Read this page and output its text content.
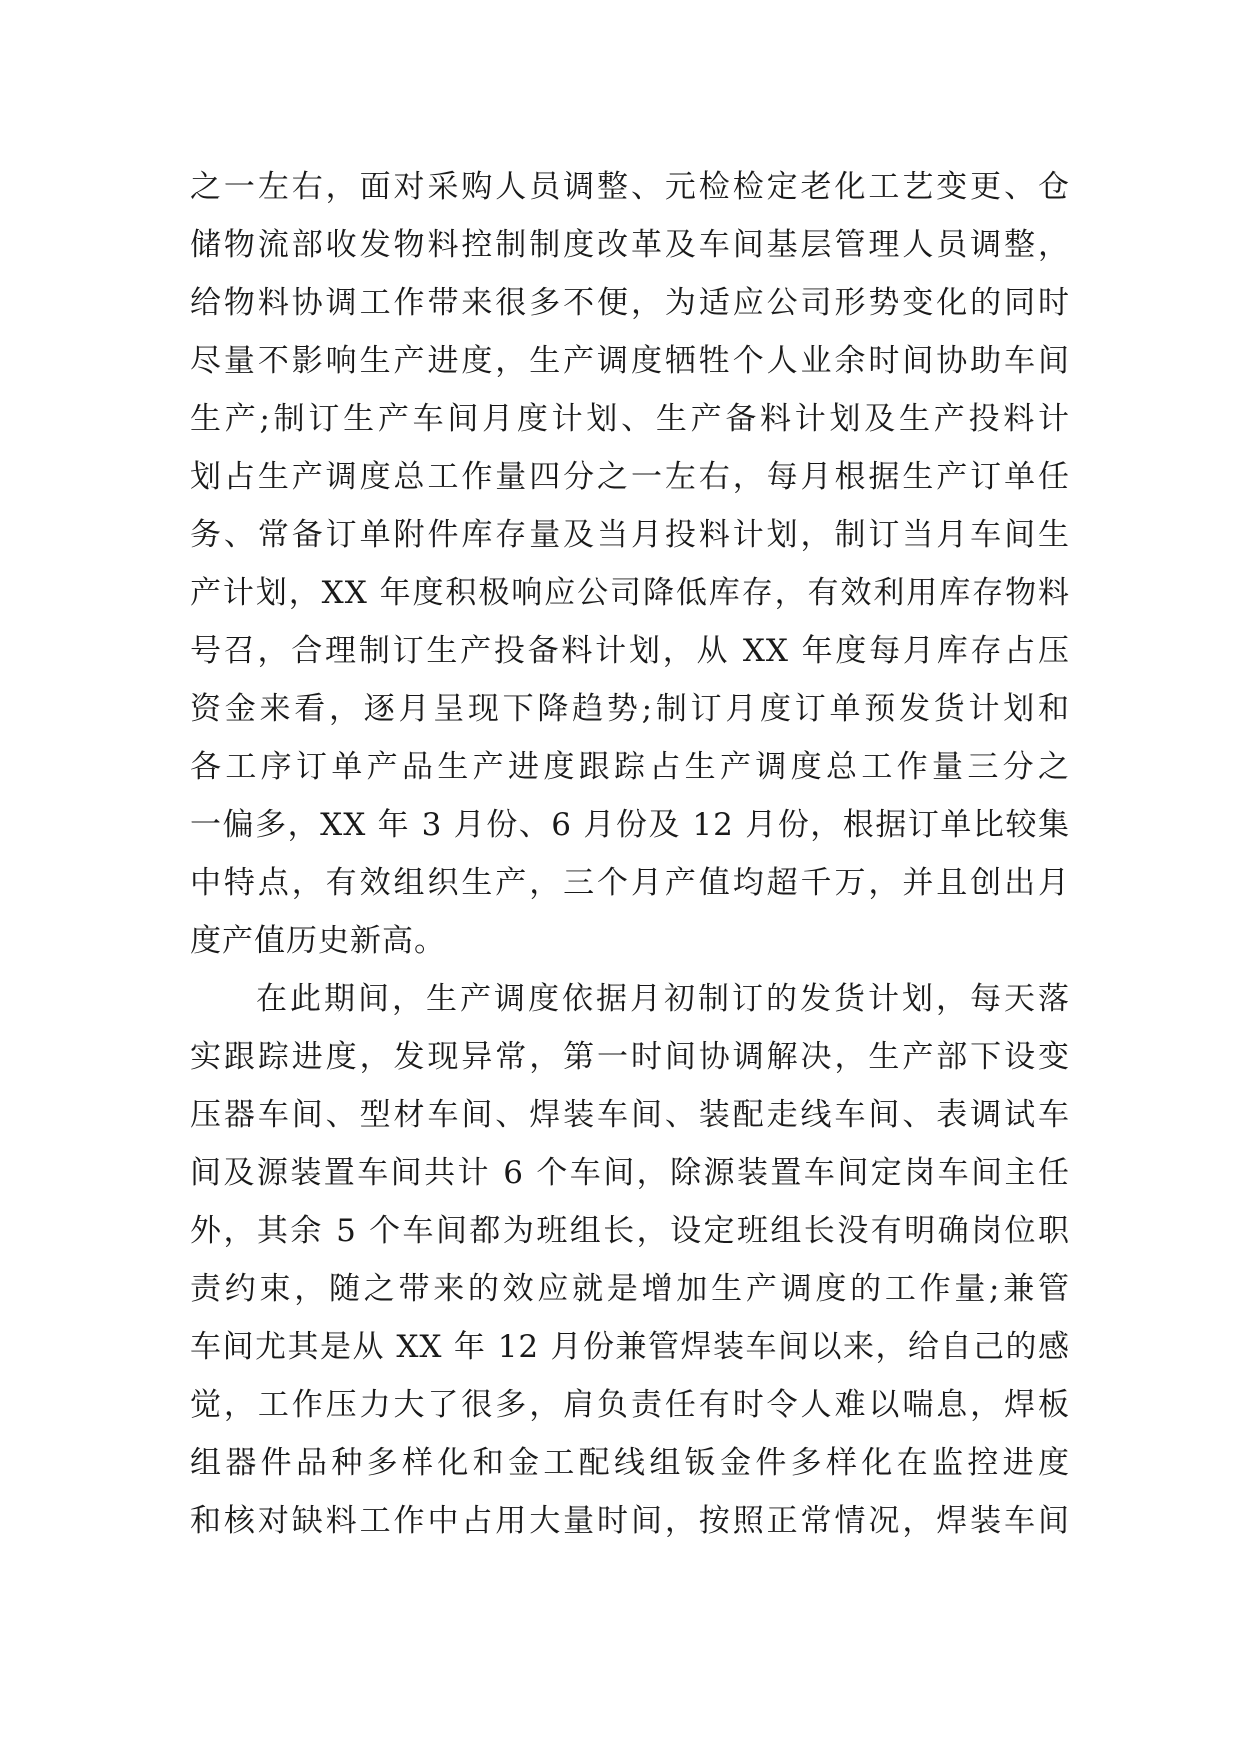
之一左右，面对采购人员调整、元检检定老化工艺变更、仓
储物流部收发物料控制制度改革及车间基层管理人员调整，
给物料协调工作带来很多不便，为适应公司形势变化的同时
尽量不影响生产进度，生产调度牺牲个人业余时间协助车间
生产;制订生产车间月度计划、生产备料计划及生产投料计
划占生产调度总工作量四分之一左右，每月根据生产订单任
务、常备订单附件库存量及当月投料计划，制订当月车间生
产计划，XX 年度积极响应公司降低库存，有效利用库存物料
号召，合理制订生产投备料计划，从 XX 年度每月库存占压
资金来看，逐月呈现下降趋势;制订月度订单预发货计划和
各工序订单产品生产进度跟踪占生产调度总工作量三分之
一偏多，XX 年 3 月份、6 月份及 12 月份，根据订单比较集
中特点，有效组织生产，三个月产值均超千万，并且创出月
度产值历史新高。
在此期间，生产调度依据月初制订的发货计划，每天落
实跟踪进度，发现异常，第一时间协调解决，生产部下设变
压器车间、型材车间、焊装车间、装配走线车间、表调试车
间及源装置车间共计 6 个车间，除源装置车间定岗车间主任
外，其余 5 个车间都为班组长，设定班组长没有明确岗位职
责约束，随之带来的效应就是增加生产调度的工作量;兼管
车间尤其是从 XX 年 12 月份兼管焊装车间以来，给自己的感
觉，工作压力大了很多，肩负责任有时令人难以喘息，焊板
组器件品种多样化和金工配线组钣金件多样化在监控进度
和核对缺料工作中占用大量时间，按照正常情况，焊装车间
